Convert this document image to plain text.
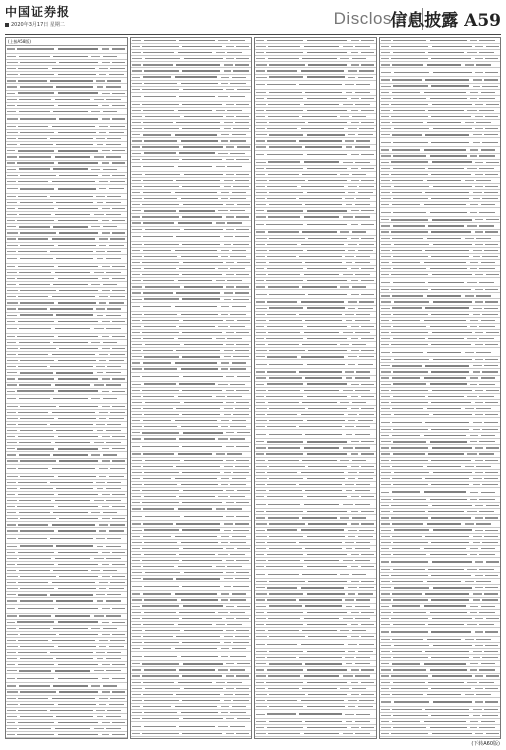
中国证券报
2020年3月17日 星期二	Disclosure
信息披露 A59
(上接A58版)
(下转A60版)
